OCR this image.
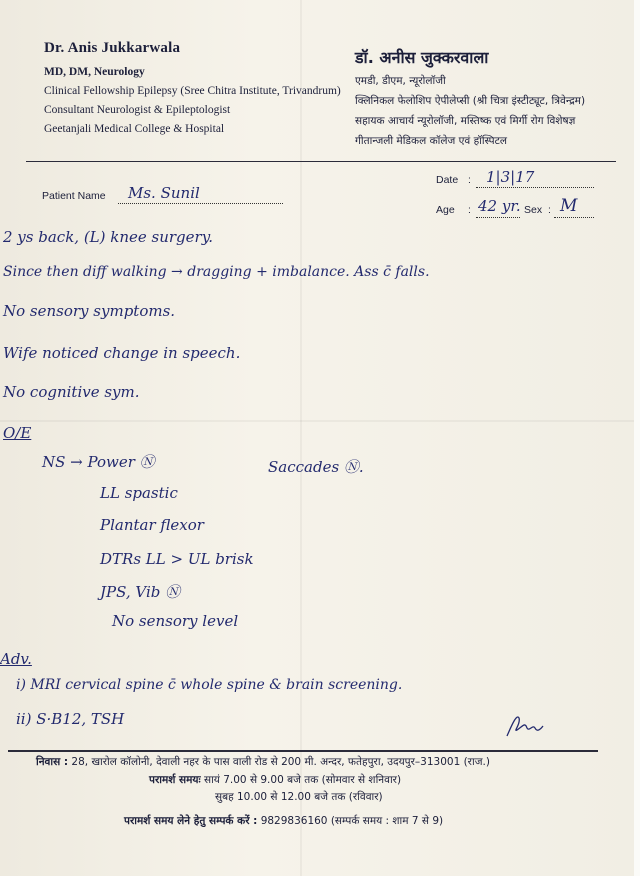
Dr. Anis Jukkarwala
MD, DM, Neurology
Clinical Fellowship Epilepsy (Sree Chitra Institute, Trivandrum)
Consultant Neurologist & Epileptologist
Geetanjali Medical College & Hospital
डॉ. अनीस जुक्करवाला
एमडी, डीएम, न्यूरोलॉजी
क्लिनिकल फेलोशिप ऐपीलेप्सी (श्री चित्रा इंस्टीट्यूट, त्रिवेन्द्रम)
सहायक आचार्य न्यूरोलॉजी, मस्तिष्क एवं मिर्गी रोग विशेषज्ञ
गीतान्जली मेडिकल कॉलेज एवं हॉस्पिटल
Patient Name Ms. Sunil
Date : 1|3|17
Age : 42 yr. Sex : M
2 ys back, (L) knee surgery.
Since then diff walking → dragging + imbalance. Ass c̄ falls.
No sensory symptoms.
Wife noticed change in speech.
No cognitive sym.
O/E
NS → Power Ⓝ	Saccades Ⓝ.
LL spastic
Plantar flexor
DTRs LL > UL brisk
JPS, Vib Ⓝ
No sensory level
Adv.
i) MRI cervical spine c̄ whole spine & brain screening.
ii) S·B12, TSH
निवास : 28, खारोल कॉलोनी, देवाली नहर के पास वाली रोड से 200 मी. अन्दर, फतेहपुरा, उदयपुर–313001 (राज.)
परामर्श समयः सायं 7.00 से 9.00 बजे तक (सोमवार से शनिवार)
सुबह 10.00 से 12.00 बजे तक (रविवार)
परामर्श समय लेने हेतु सम्पर्क करें : 9829836160 (सम्पर्क समय : शाम 7 से 9)
